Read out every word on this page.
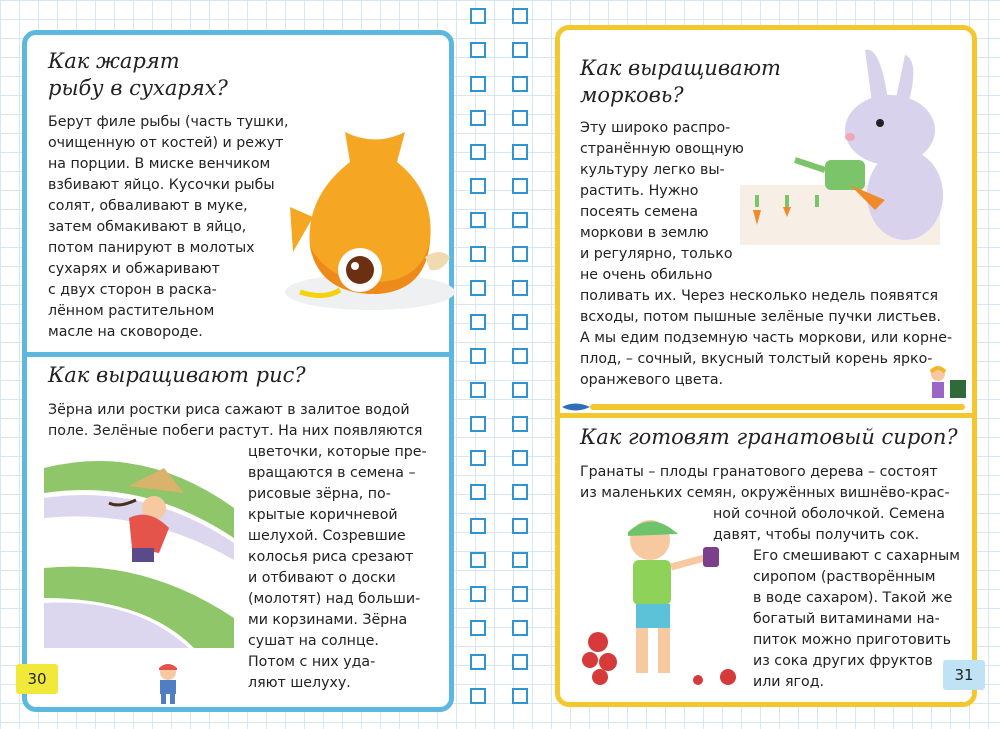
Как жарят
рыбу в сухарях?

Берут филе рыбы (часть тушки,
очищенную от костей) и режут
на порции. В миске венчиком
взбивают яйцо. Кусочки рыбы
солят, обваливают в муке,
затем обмакивают в яйцо,
потом панируют в молотых
сухарях и обжаривают
с двух сторон в раска-
лённом растительном
масле на сковороде.

Как выращивают рис?

Зёрна или ростки риса сажают в залитое водой
поле. Зелёные побеги растут. На них появляются

цветочки, которые пре-
вращаются в семена –
рисовые зёрна, по-
крытые коричневой
шелухой. Созревшие
колосья риса срезают
и отбивают о доски
(молотят) над больши-
ми корзинами. Зёрна
сушат на солнце.
Потом с них уда-
ляют шелуху.

30
Как выращивают
морковь?

Эту широко распро-
странённую овощную
культуру легко вы-
растить. Нужно
посеять семена
моркови в землю
и регулярно, только
не очень обильно

поливать их. Через несколько недель появятся
всходы, потом пышные зелёные пучки листьев.
А мы едим подземную часть моркови, или корне-
плод, – сочный, вкусный толстый корень ярко-
оранжевого цвета.

Как готовят гранатовый сироп?

Гранаты – плоды гранатового дерева – состоят
из маленьких семян, окружённых вишнёво-крас-

ной сочной оболочкой. Семена
давят, чтобы получить сок.

Его смешивают с сахарным
сиропом (растворённым
в воде сахаром). Такой же
богатый витаминами на-
питок можно приготовить
из сока других фруктов
или ягод.	31
